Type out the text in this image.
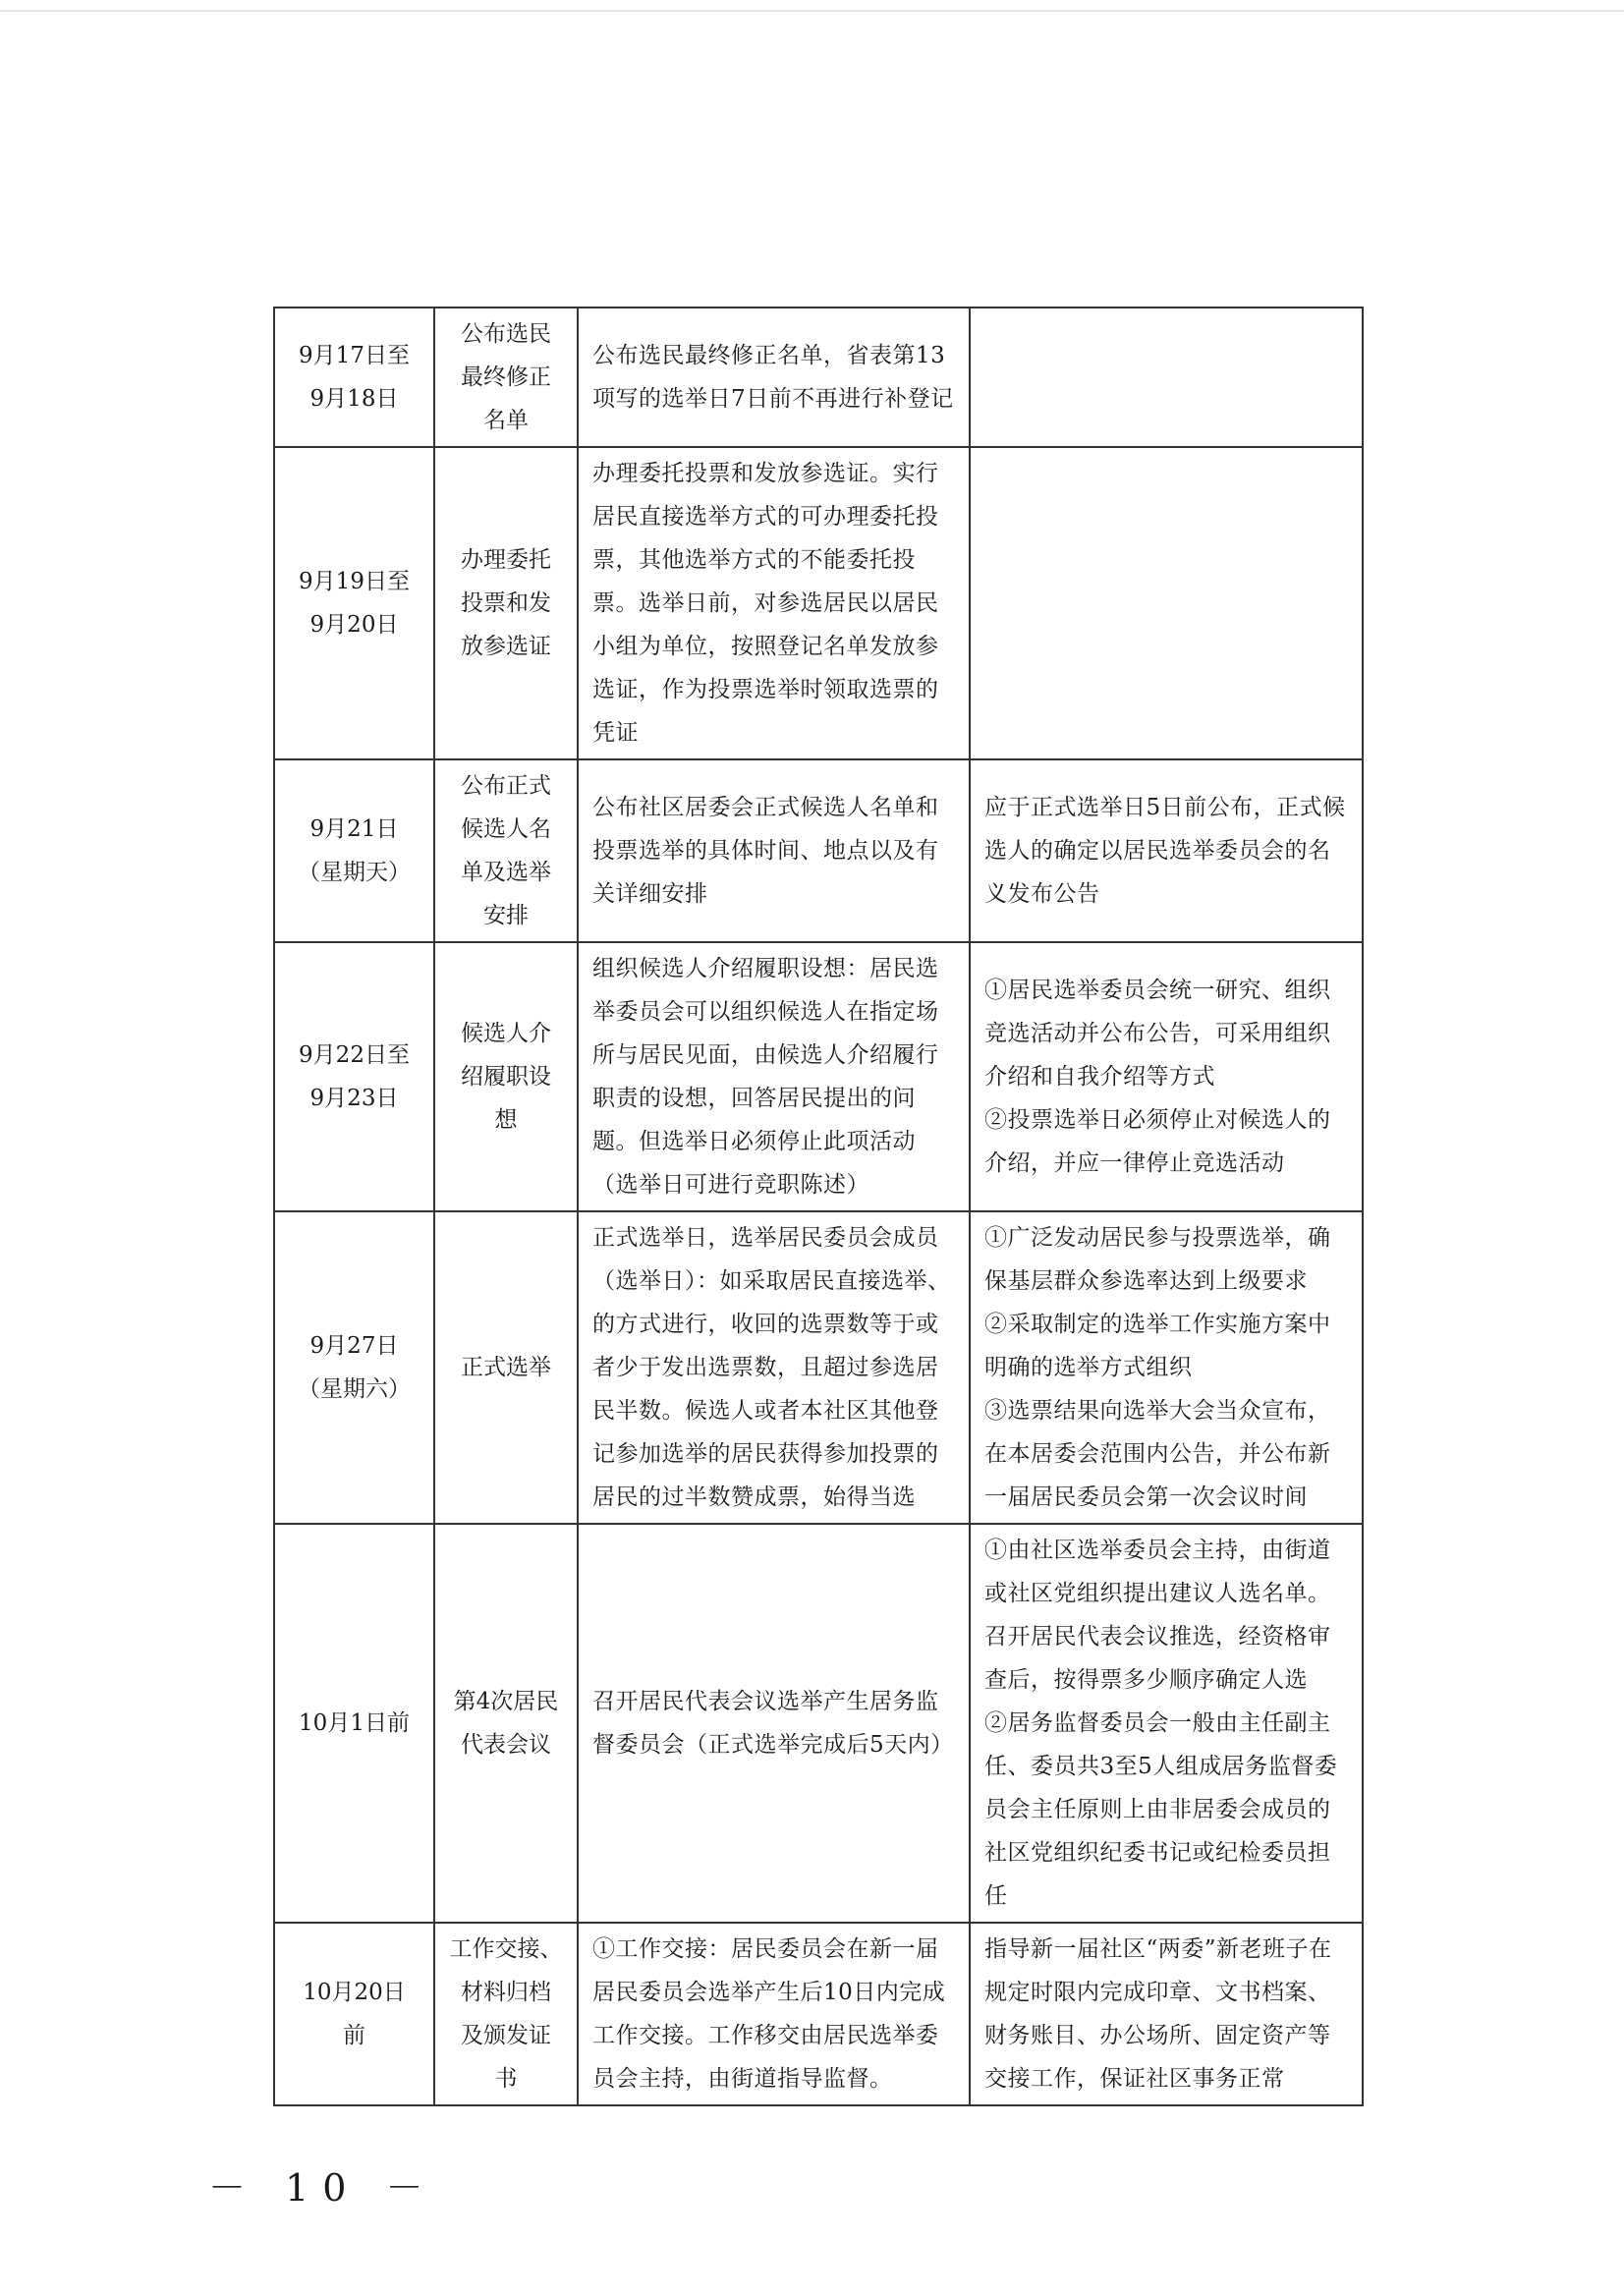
9月17日至
9月18日	公布选民
最终修正
名单	公布选民最终修正名单，省表第13项写的选举日7日前不再进行补登记	

9月19日至
9月20日	办理委托
投票和发
放参选证	办理委托投票和发放参选证。实行居民直接选举方式的可办理委托投票，其他选举方式的不能委托投票。选举日前，对参选居民以居民小组为单位，按照登记名单发放参选证，作为投票选举时领取选票的凭证	

9月21日
（星期天）	公布正式
候选人名
单及选举
安排	公布社区居委会正式候选人名单和投票选举的具体时间、地点以及有关详细安排	应于正式选举日5日前公布，正式候选人的确定以居民选举委员会的名义发布公告

9月22日至
9月23日	候选人介
绍履职设
想	组织候选人介绍履职设想：居民选举委员会可以组织候选人在指定场所与居民见面，由候选人介绍履行职责的设想，回答居民提出的问题。但选举日必须停止此项活动（选举日可进行竞职陈述）	①居民选举委员会统一研究、组织竞选活动并公布公告，可采用组织介绍和自我介绍等方式
②投票选举日必须停止对候选人的介绍，并应一律停止竞选活动

9月27日
（星期六）	正式选举	正式选举日，选举居民委员会成员（选举日）：如采取居民直接选举、的方式进行，收回的选票数等于或者少于发出选票数，且超过参选居民半数。候选人或者本社区其他登记参加选举的居民获得参加投票的居民的过半数赞成票，始得当选	①广泛发动居民参与投票选举，确保基层群众参选率达到上级要求
②采取制定的选举工作实施方案中明确的选举方式组织
③选票结果向选举大会当众宣布，在本居委会范围内公告，并公布新一届居民委员会第一次会议时间

10月1日前	第4次居民
代表会议	召开居民代表会议选举产生居务监督委员会（正式选举完成后5天内）	①由社区选举委员会主持，由街道或社区党组织提出建议人选名单。召开居民代表会议推选，经资格审查后，按得票多少顺序确定人选
②居务监督委员会一般由主任副主任、委员共3至5人组成居务监督委员会主任原则上由非居委会成员的社区党组织纪委书记或纪检委员担任

10月20日
前	工作交接、
材料归档
及颁发证
书	①工作交接：居民委员会在新一届居民委员会选举产生后10日内完成工作交接。工作移交由居民选举委员会主持，由街道指导监督。	指导新一届社区“两委”新老班子在规定时限内完成印章、文书档案、财务账目、办公场所、固定资产等交接工作，保证社区事务正常
－ 10 －
